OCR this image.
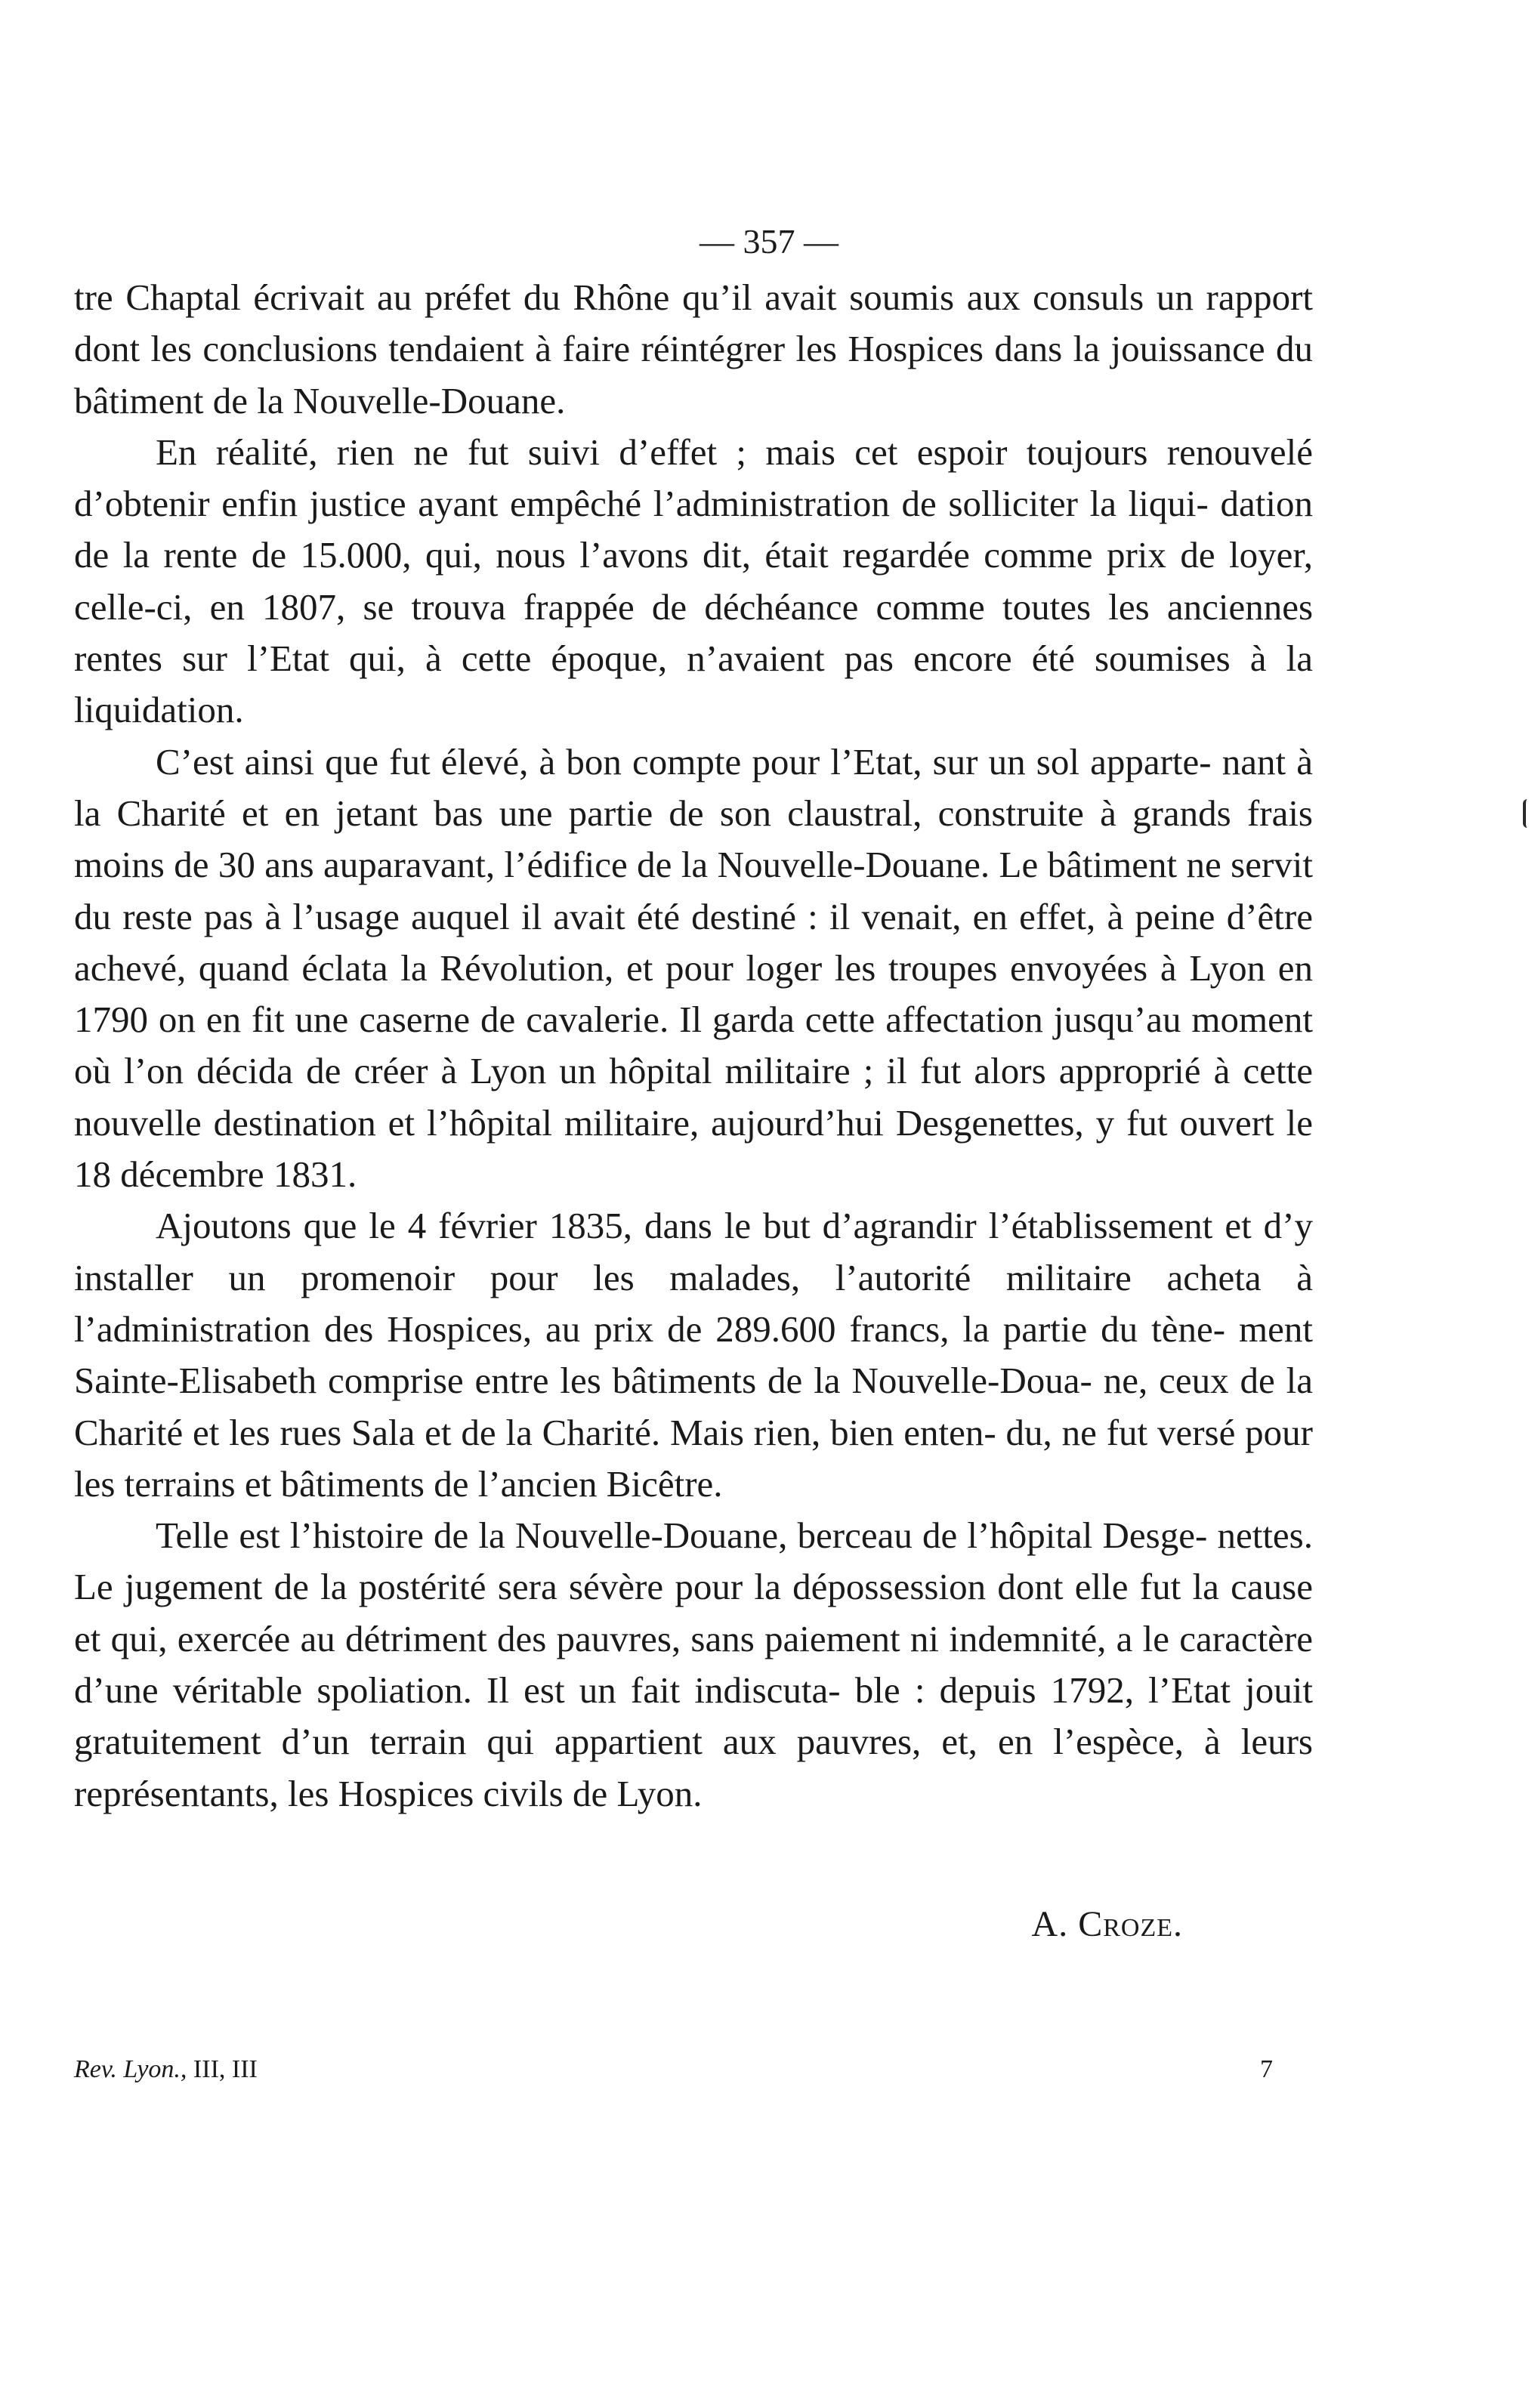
— 357 —

tre Chaptal écrivait au préfet du Rhône qu’il avait soumis aux consuls un rapport dont les conclusions tendaient à faire réintégrer les Hospices dans la jouissance du bâtiment de la Nouvelle-Douane.

En réalité, rien ne fut suivi d’effet ; mais cet espoir toujours renouvelé d’obtenir enfin justice ayant empêché l’administration de solliciter la liqui- dation de la rente de 15.000, qui, nous l’avons dit, était regardée comme prix de loyer, celle-ci, en 1807, se trouva frappée de déchéance comme toutes les anciennes rentes sur l’Etat qui, à cette époque, n’avaient pas encore été soumises à la liquidation.

C’est ainsi que fut élevé, à bon compte pour l’Etat, sur un sol apparte- nant à la Charité et en jetant bas une partie de son claustral, construite à grands frais moins de 30 ans auparavant, l’édifice de la Nouvelle-Douane. Le bâtiment ne servit du reste pas à l’usage auquel il avait été destiné : il venait, en effet, à peine d’être achevé, quand éclata la Révolution, et pour loger les troupes envoyées à Lyon en 1790 on en fit une caserne de cavalerie. Il garda cette affectation jusqu’au moment où l’on décida de créer à Lyon un hôpital militaire ; il fut alors approprié à cette nouvelle destination et l’hôpital militaire, aujourd’hui Desgenettes, y fut ouvert le 18 décembre 1831.

Ajoutons que le 4 février 1835, dans le but d’agrandir l’établissement et d’y installer un promenoir pour les malades, l’autorité militaire acheta à l’administration des Hospices, au prix de 289.600 francs, la partie du tène- ment Sainte-Elisabeth comprise entre les bâtiments de la Nouvelle-Doua- ne, ceux de la Charité et les rues Sala et de la Charité. Mais rien, bien enten- du, ne fut versé pour les terrains et bâtiments de l’ancien Bicêtre.

Telle est l’histoire de la Nouvelle-Douane, berceau de l’hôpital Desge- nettes. Le jugement de la postérité sera sévère pour la dépossession dont elle fut la cause et qui, exercée au détriment des pauvres, sans paiement ni indemnité, a le caractère d’une véritable spoliation. Il est un fait indiscuta- ble : depuis 1792, l’Etat jouit gratuitement d’un terrain qui appartient aux pauvres, et, en l’espèce, à leurs représentants, les Hospices civils de Lyon.

A. Croze.
Rev. Lyon., III, III	7
